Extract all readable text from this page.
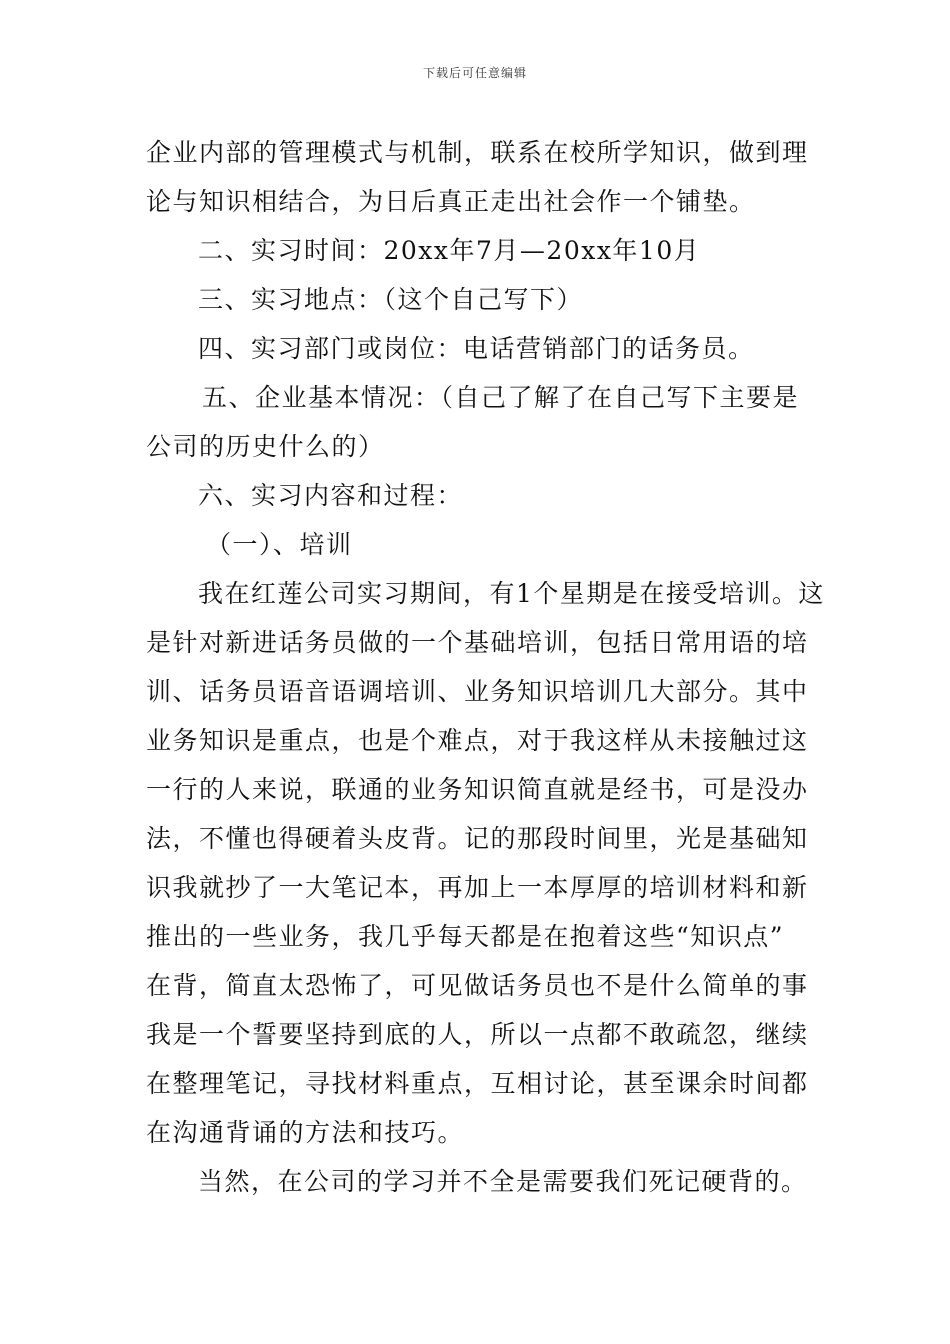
下载后可任意编辑
企业内部的管理模式与机制，联系在校所学知识，做到理
论与知识相结合，为日后真正走出社会作一个铺垫。
二、实习时间：20xx年7月—20xx年10月
三、实习地点：（这个自己写下）
四、实习部门或岗位：电话营销部门的话务员。
五、企业基本情况：（自己了解了在自己写下主要是
公司的历史什么的）
六、实习内容和过程：
（一）、培训
我在红莲公司实习期间，有1个星期是在接受培训。这
是针对新进话务员做的一个基础培训，包括日常用语的培
训、话务员语音语调培训、业务知识培训几大部分。其中
业务知识是重点，也是个难点，对于我这样从未接触过这
一行的人来说，联通的业务知识简直就是经书，可是没办
法，不懂也得硬着头皮背。记的那段时间里，光是基础知
识我就抄了一大笔记本，再加上一本厚厚的培训材料和新
推出的一些业务，我几乎每天都是在抱着这些“知识点”
在背，简直太恐怖了，可见做话务员也不是什么简单的事
我是一个誓要坚持到底的人，所以一点都不敢疏忽，继续
在整理笔记，寻找材料重点，互相讨论，甚至课余时间都
在沟通背诵的方法和技巧。
当然，在公司的学习并不全是需要我们死记硬背的。
